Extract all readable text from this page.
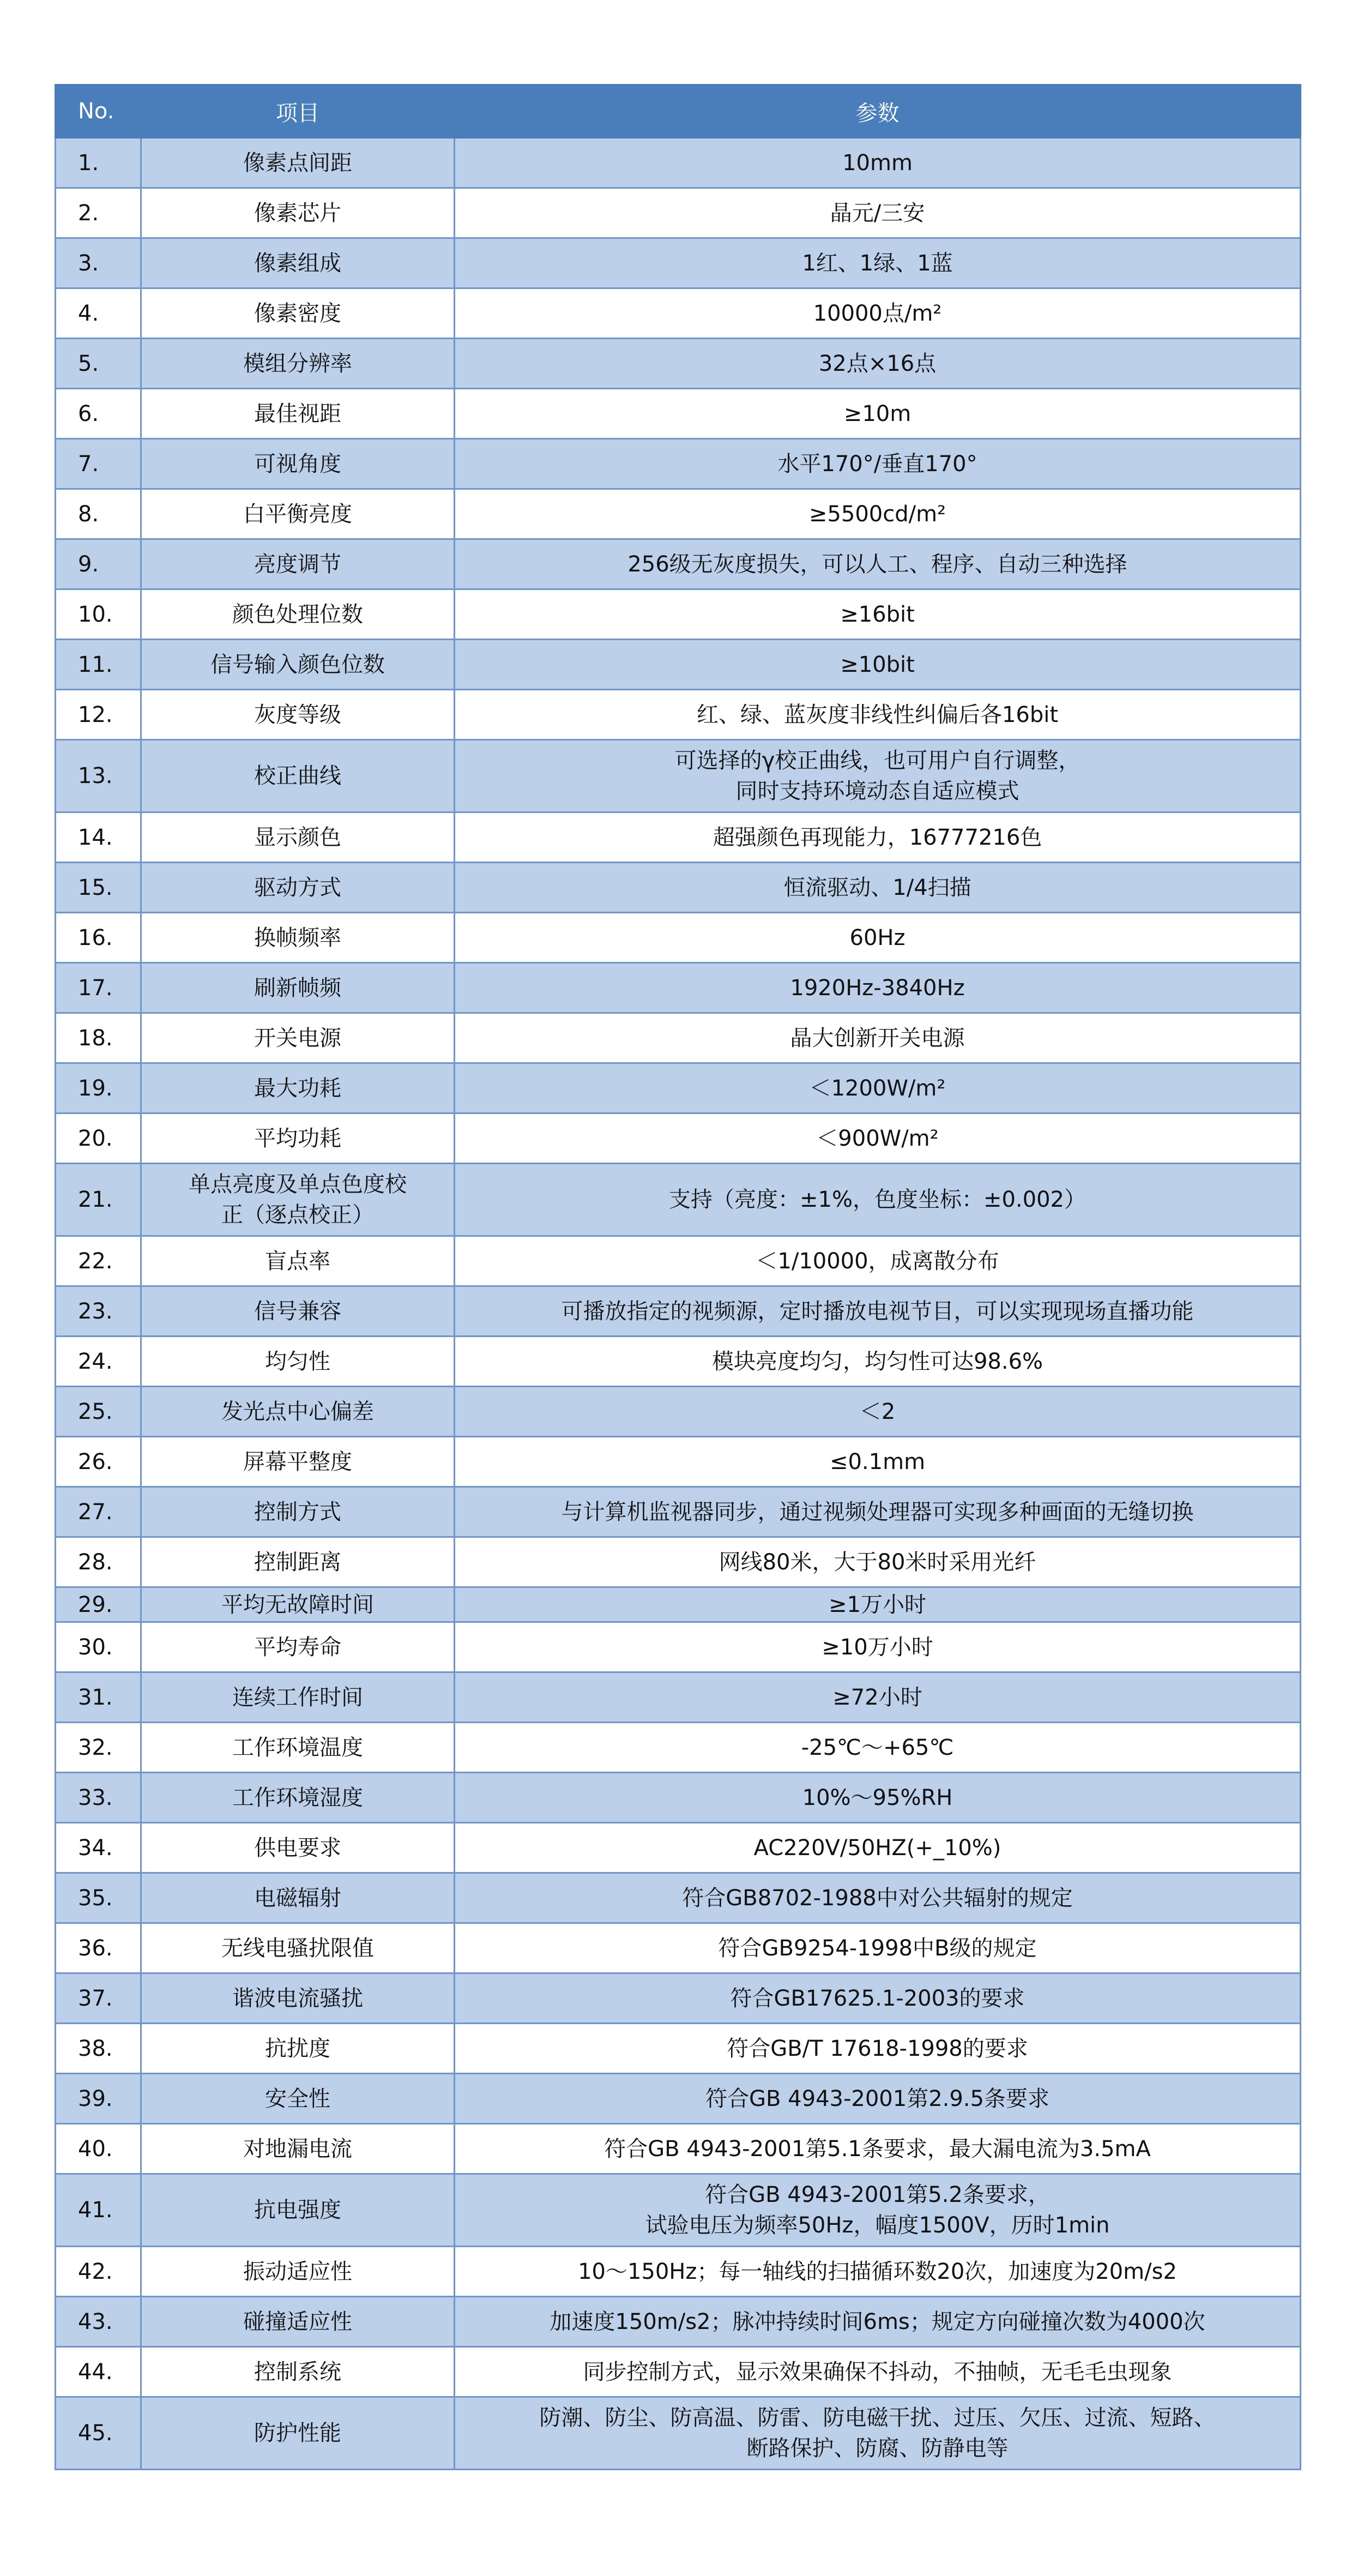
No.	项目	参数
1.	像素点间距	10mm

2.	像素芯片	晶元/三安

3.	像素组成	1红、1绿、1蓝

4.	像素密度	10000点/m²

5.	模组分辨率	32点×16点

6.	最佳视距	≥10m

7.	可视角度	水平170°/垂直170°

8.	白平衡亮度	≥5500cd/m²

9.	亮度调节	256级无灰度损失，可以人工、程序、自动三种选择

10.	颜色处理位数	≥16bit

11.	信号输入颜色位数	≥10bit

12.	灰度等级	红、绿、蓝灰度非线性纠偏后各16bit

13.	校正曲线	可选择的γ校正曲线，也可用户自行调整，
同时支持环境动态自适应模式

14.	显示颜色	超强颜色再现能力，16777216色

15.	驱动方式	恒流驱动、1/4扫描

16.	换帧频率	60Hz

17.	刷新帧频	1920Hz-3840Hz

18.	开关电源	晶大创新开关电源

19.	最大功耗	＜1200W/m²

20.	平均功耗	＜900W/m²

21.	单点亮度及单点色度校
正（逐点校正）	支持（亮度：±1%，色度坐标：±0.002）

22.	盲点率	＜1/10000，成离散分布

23.	信号兼容	可播放指定的视频源，定时播放电视节目，可以实现现场直播功能

24.	均匀性	模块亮度均匀，均匀性可达98.6%

25.	发光点中心偏差	＜2

26.	屏幕平整度	≤0.1mm

27.	控制方式	与计算机监视器同步，通过视频处理器可实现多种画面的无缝切换

28.	控制距离	网线80米，大于80米时采用光纤

29.	平均无故障时间	≥1万小时

30.	平均寿命	≥10万小时

31.	连续工作时间	≥72小时

32.	工作环境温度	-25℃～+65℃

33.	工作环境湿度	10%～95%RH

34.	供电要求	AC220V/50HZ(+_10%)

35.	电磁辐射	符合GB8702-1988中对公共辐射的规定

36.	无线电骚扰限值	符合GB9254-1998中B级的规定

37.	谐波电流骚扰	符合GB17625.1-2003的要求

38.	抗扰度	符合GB/T 17618-1998的要求

39.	安全性	符合GB 4943-2001第2.9.5条要求

40.	对地漏电流	符合GB 4943-2001第5.1条要求，最大漏电流为3.5mA

41.	抗电强度	符合GB 4943-2001第5.2条要求，
试验电压为频率50Hz，幅度1500V，历时1min

42.	振动适应性	10～150Hz；每一轴线的扫描循环数20次，加速度为20m/s2

43.	碰撞适应性	加速度150m/s2；脉冲持续时间6ms；规定方向碰撞次数为4000次

44.	控制系统	同步控制方式，显示效果确保不抖动，不抽帧，无毛毛虫现象

45.	防护性能	防潮、防尘、防高温、防雷、防电磁干扰、过压、欠压、过流、短路、
断路保护、防腐、防静电等
